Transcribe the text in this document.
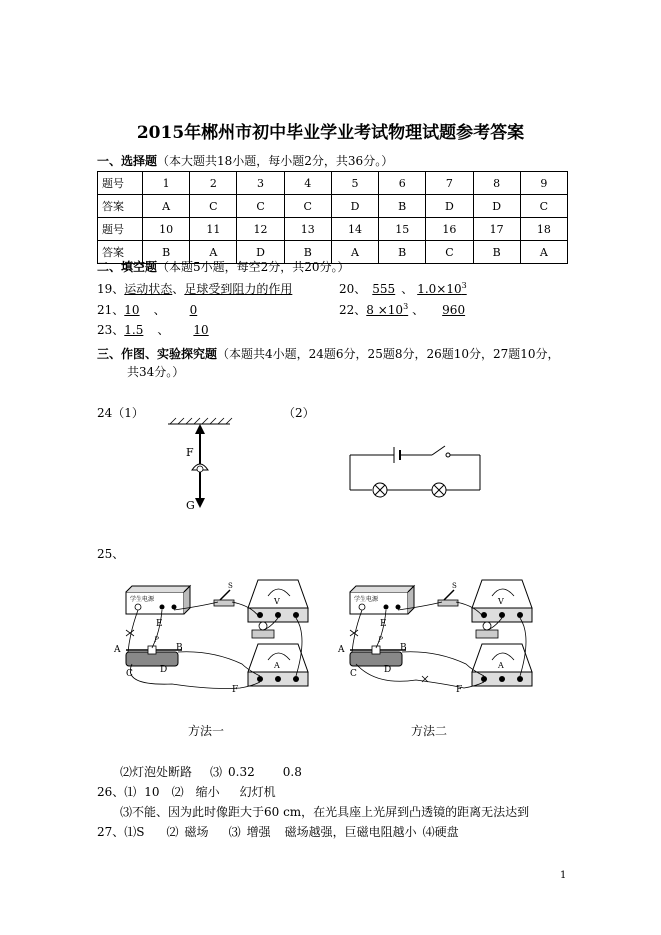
2015年郴州市初中毕业学业考试物理试题参考答案
一、选择题（本大题共18小题，每小题2分，共36分。）
题号	1	2	3	4	5	6	7	8	9
答案	A	C	C	C	D	B	D	D	C
题号	10	11	12	13	14	15	16	17	18
答案	B	A	D	B	A	B	C	B	A
二、填空题（本题5小题，每空2分，共20分。）
19、运动状态、足球受到阻力的作用	20、 555 、 $1.0\times 10^3$
21、10 、 0	22、$8 \times 10^3$ 、 960
23、1.5 、 10
三、作图、实验探究题（本题共4小题，24题6分，25题8分，26题10分，27题10分，
共34分。）
24（1）	（2）
F
G
25、
学生电源	V
A
S
P
A	B
C	D
E
F
学生电源	V
A
S
P
A	B
C	D
E
F
方法一	方法二
⑵灯泡处断路 ⑶ 0.32 0.8
26、⑴ 10 ⑵ 缩小 幻灯机
⑶不能、因为此时像距大于60 cm，在光具座上光屏到凸透镜的距离无法达到
27、⑴S ⑵ 磁场 ⑶ 增强 磁场越强，巨磁电阻越小 ⑷硬盘
1
